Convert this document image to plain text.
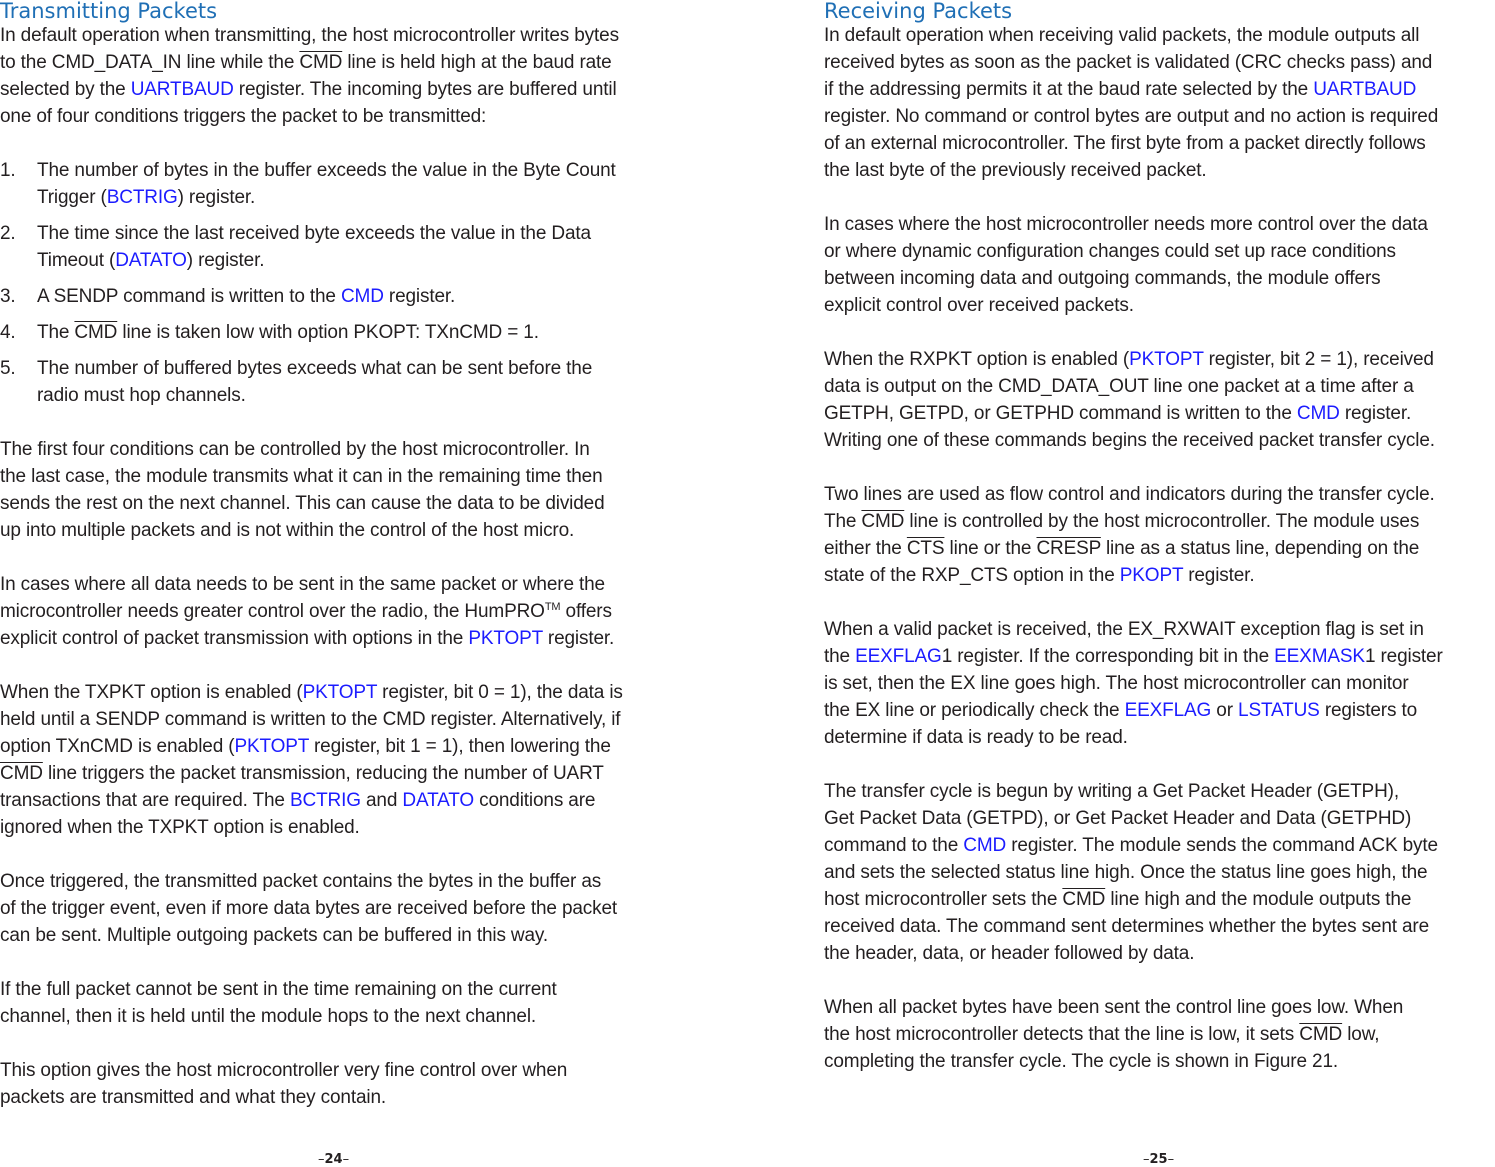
Transmitting Packets
In default operation when transmitting, the host microcontroller writes bytes
to the CMD_DATA_IN line while the $\overline{CMD}$ line is held high at the baud rate
selected by the UARTBAUD register. The incoming bytes are buffered until
one of four conditions triggers the packet to be transmitted:
1.	The number of bytes in the buffer exceeds the value in the Byte Count
Trigger (BCTRIG) register.
2.	The time since the last received byte exceeds the value in the Data
Timeout (DATATO) register.
3.	A SENDP command is written to the CMD register.
4.	The $\overline{CMD}$ line is taken low with option PKOPT: TXnCMD = 1.
5.	The number of buffered bytes exceeds what can be sent before the
radio must hop channels.
The first four conditions can be controlled by the host microcontroller. In
the last case, the module transmits what it can in the remaining time then
sends the rest on the next channel. This can cause the data to be divided
up into multiple packets and is not within the control of the host micro.
In cases where all data needs to be sent in the same packet or where the
microcontroller needs greater control over the radio, the HumPRO™ offers
explicit control of packet transmission with options in the PKTOPT register.
When the TXPKT option is enabled (PKTOPT register, bit 0 = 1), the data is
held until a SENDP command is written to the CMD register. Alternatively, if
option TXnCMD is enabled (PKTOPT register, bit 1 = 1), then lowering the
$\overline{CMD}$ line triggers the packet transmission, reducing the number of UART
transactions that are required. The BCTRIG and DATATO conditions are
ignored when the TXPKT option is enabled.
Once triggered, the transmitted packet contains the bytes in the buffer as
of the trigger event, even if more data bytes are received before the packet
can be sent. Multiple outgoing packets can be buffered in this way.
If the full packet cannot be sent in the time remaining on the current
channel, then it is held until the module hops to the next channel.
This option gives the host microcontroller very fine control over when
packets are transmitted and what they contain.
–24–
Receiving Packets
In default operation when receiving valid packets, the module outputs all
received bytes as soon as the packet is validated (CRC checks pass) and
if the addressing permits it at the baud rate selected by the UARTBAUD
register. No command or control bytes are output and no action is required
of an external microcontroller. The first byte from a packet directly follows
the last byte of the previously received packet.
In cases where the host microcontroller needs more control over the data
or where dynamic configuration changes could set up race conditions
between incoming data and outgoing commands, the module offers
explicit control over received packets.
When the RXPKT option is enabled (PKTOPT register, bit 2 = 1), received
data is output on the CMD_DATA_OUT line one packet at a time after a
GETPH, GETPD, or GETPHD command is written to the CMD register.
Writing one of these commands begins the received packet transfer cycle.
Two lines are used as flow control and indicators during the transfer cycle.
The $\overline{CMD}$ line is controlled by the host microcontroller. The module uses
either the $\overline{CTS}$ line or the CRESP line as a status line, depending on the
state of the RXP_CTS option in the PKOPT register.
When a valid packet is received, the EX_RXWAIT exception flag is set in
the EEXFLAG1 register. If the corresponding bit in the EEXMASK1 register
is set, then the EX line goes high. The host microcontroller can monitor
the EX line or periodically check the EEXFLAG or LSTATUS registers to
determine if data is ready to be read.
The transfer cycle is begun by writing a Get Packet Header (GETPH),
Get Packet Data (GETPD), or Get Packet Header and Data (GETPHD)
command to the CMD register. The module sends the command ACK byte
and sets the selected status line high. Once the status line goes high, the
host microcontroller sets the $\overline{CMD}$ line high and the module outputs the
received data. The command sent determines whether the bytes sent are
the header, data, or header followed by data.
When all packet bytes have been sent the control line goes low. When
the host microcontroller detects that the line is low, it sets $\overline{CMD}$ low,
completing the transfer cycle. The cycle is shown in Figure 21.
–25–
